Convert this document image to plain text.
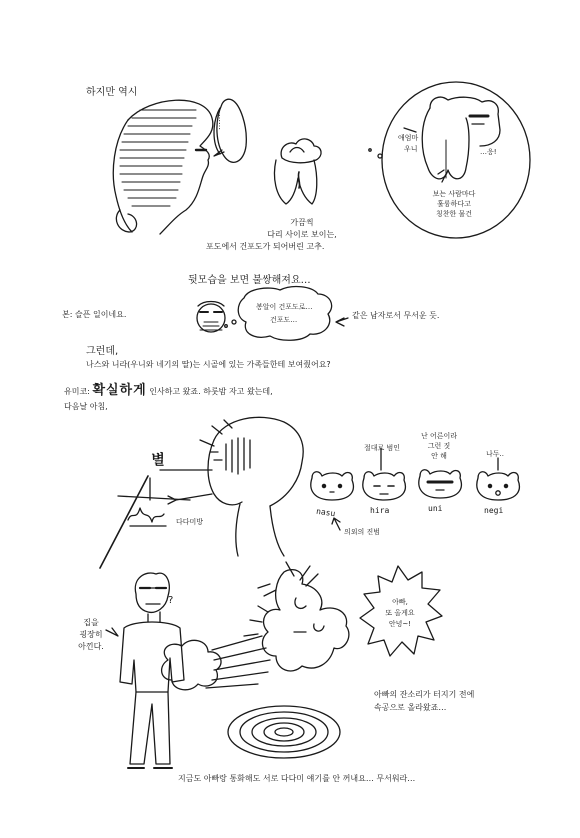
하지만 역시
……
가끔씩
다리 사이로 보이는,
포도에서 건포도가 되어버린 고추.
애엄마
우니	…응!
보는 사람마다
훌륭하다고
칭찬한 물건
뒷모습을 보면 불쌍해져요…
본: 슬픈 일이네요.
봉알이 건포도로…
건포도…	같은 남자로서 무서운 듯.
그런데,
나스와 니라(우니와 네기의 딸)는 시골에 있는 가족들한테 보여줬어요?
유미코: 확실하게 인사하고 왔죠. 하룻밤 자고 왔는데,
다음날 아침,
별
다다미방
절대로 범인
난 어른이라
그런 짓
안 해	나두..
nasu	hira	uni	negi
의외의 진범
?
집을
굉장히
아낀다.
아빠,
또 올게요
안녕~!
아빠의 잔소리가 터지기 전에
속공으로 올라왔죠…
지금도 아빠랑 통화해도 서로 다다미 얘기를 안 꺼내요… 무서워라…
